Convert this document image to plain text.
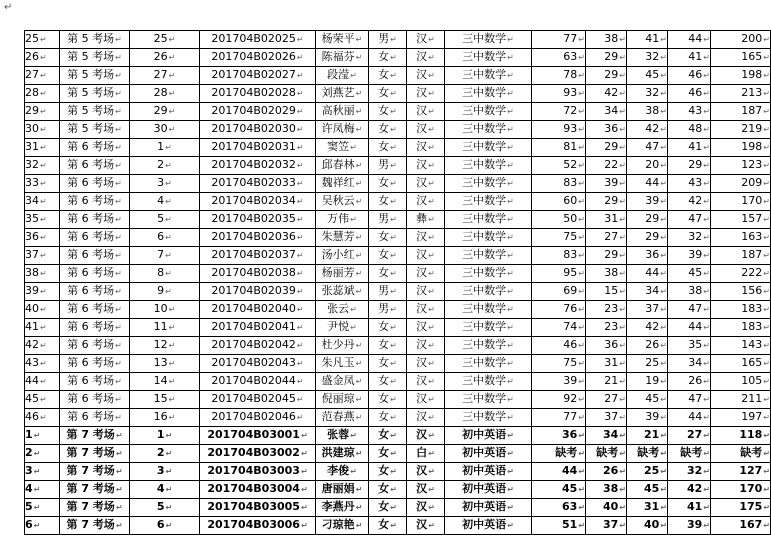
↵
25↵	第 5 考场↵	25↵	201704B02025↵	杨荣平↵	男↵	汉↵	三中数学↵	77↵	38↵	41↵	44↵	200↵
26↵	第 5 考场↵	26↵	201704B02026↵	陈福芬↵	女↵	汉↵	三中数学↵	63↵	29↵	32↵	41↵	165↵
27↵	第 5 考场↵	27↵	201704B02027↵	段滢↵	女↵	汉↵	三中数学↵	78↵	29↵	45↵	46↵	198↵
28↵	第 5 考场↵	28↵	201704B02028↵	刘燕艺↵	女↵	汉↵	三中数学↵	93↵	42↵	32↵	46↵	213↵
29↵	第 5 考场↵	29↵	201704B02029↵	高秋丽↵	女↵	汉↵	三中数学↵	72↵	34↵	38↵	43↵	187↵
30↵	第 5 考场↵	30↵	201704B02030↵	许凤梅↵	女↵	汉↵	三中数学↵	93↵	36↵	42↵	48↵	219↵
31↵	第 6 考场↵	1↵	201704B02031↵	窦笠↵	女↵	汉↵	三中数学↵	81↵	29↵	47↵	41↵	198↵
32↵	第 6 考场↵	2↵	201704B02032↵	邱春林↵	男↵	汉↵	三中数学↵	52↵	22↵	20↵	29↵	123↵
33↵	第 6 考场↵	3↵	201704B02033↵	魏祥红↵	女↵	汉↵	三中数学↵	83↵	39↵	44↵	43↵	209↵
34↵	第 6 考场↵	4↵	201704B02034↵	吴秋云↵	女↵	汉↵	三中数学↵	60↵	29↵	39↵	42↵	170↵
35↵	第 6 考场↵	5↵	201704B02035↵	万伟↵	男↵	彝↵	三中数学↵	50↵	31↵	29↵	47↵	157↵
36↵	第 6 考场↵	6↵	201704B02036↵	朱慧芳↵	女↵	汉↵	三中数学↵	75↵	27↵	29↵	32↵	163↵
37↵	第 6 考场↵	7↵	201704B02037↵	汤小红↵	女↵	汉↵	三中数学↵	83↵	29↵	36↵	39↵	187↵
38↵	第 6 考场↵	8↵	201704B02038↵	杨丽芳↵	女↵	汉↵	三中数学↵	95↵	38↵	44↵	45↵	222↵
39↵	第 6 考场↵	9↵	201704B02039↵	张蕊斌↵	男↵	汉↵	三中数学↵	69↵	15↵	34↵	38↵	156↵
40↵	第 6 考场↵	10↵	201704B02040↵	张云↵	男↵	汉↵	三中数学↵	76↵	23↵	37↵	47↵	183↵
41↵	第 6 考场↵	11↵	201704B02041↵	尹悦↵	女↵	汉↵	三中数学↵	74↵	23↵	42↵	44↵	183↵
42↵	第 6 考场↵	12↵	201704B02042↵	杜少丹↵	女↵	汉↵	三中数学↵	46↵	36↵	26↵	35↵	143↵
43↵	第 6 考场↵	13↵	201704B02043↵	朱凡玉↵	女↵	汉↵	三中数学↵	75↵	31↵	25↵	34↵	165↵
44↵	第 6 考场↵	14↵	201704B02044↵	盛金凤↵	女↵	汉↵	三中数学↵	39↵	21↵	19↵	26↵	105↵
45↵	第 6 考场↵	15↵	201704B02045↵	倪丽琼↵	女↵	汉↵	三中数学↵	92↵	27↵	45↵	47↵	211↵
46↵	第 6 考场↵	16↵	201704B02046↵	范春燕↵	女↵	汉↵	三中数学↵	77↵	37↵	39↵	44↵	197↵
1↵	第 7 考场↵	1↵	201704B03001↵	张蓉↵	女↵	汉↵	初中英语↵	36↵	34↵	21↵	27↵	118↵
2↵	第 7 考场↵	2↵	201704B03002↵	洪建琼↵	女↵	白↵	初中英语↵	缺考↵	缺考↵	缺考↵	缺考↵	缺考↵
3↵	第 7 考场↵	3↵	201704B03003↵	李俊↵	女↵	汉↵	初中英语↵	44↵	26↵	25↵	32↵	127↵
4↵	第 7 考场↵	4↵	201704B03004↵	唐丽娟↵	女↵	汉↵	初中英语↵	45↵	38↵	45↵	42↵	170↵
5↵	第 7 考场↵	5↵	201704B03005↵	李燕丹↵	女↵	汉↵	初中英语↵	63↵	40↵	31↵	41↵	175↵
6↵	第 7 考场↵	6↵	201704B03006↵	刁琼艳↵	女↵	汉↵	初中英语↵	51↵	37↵	40↵	39↵	167↵
